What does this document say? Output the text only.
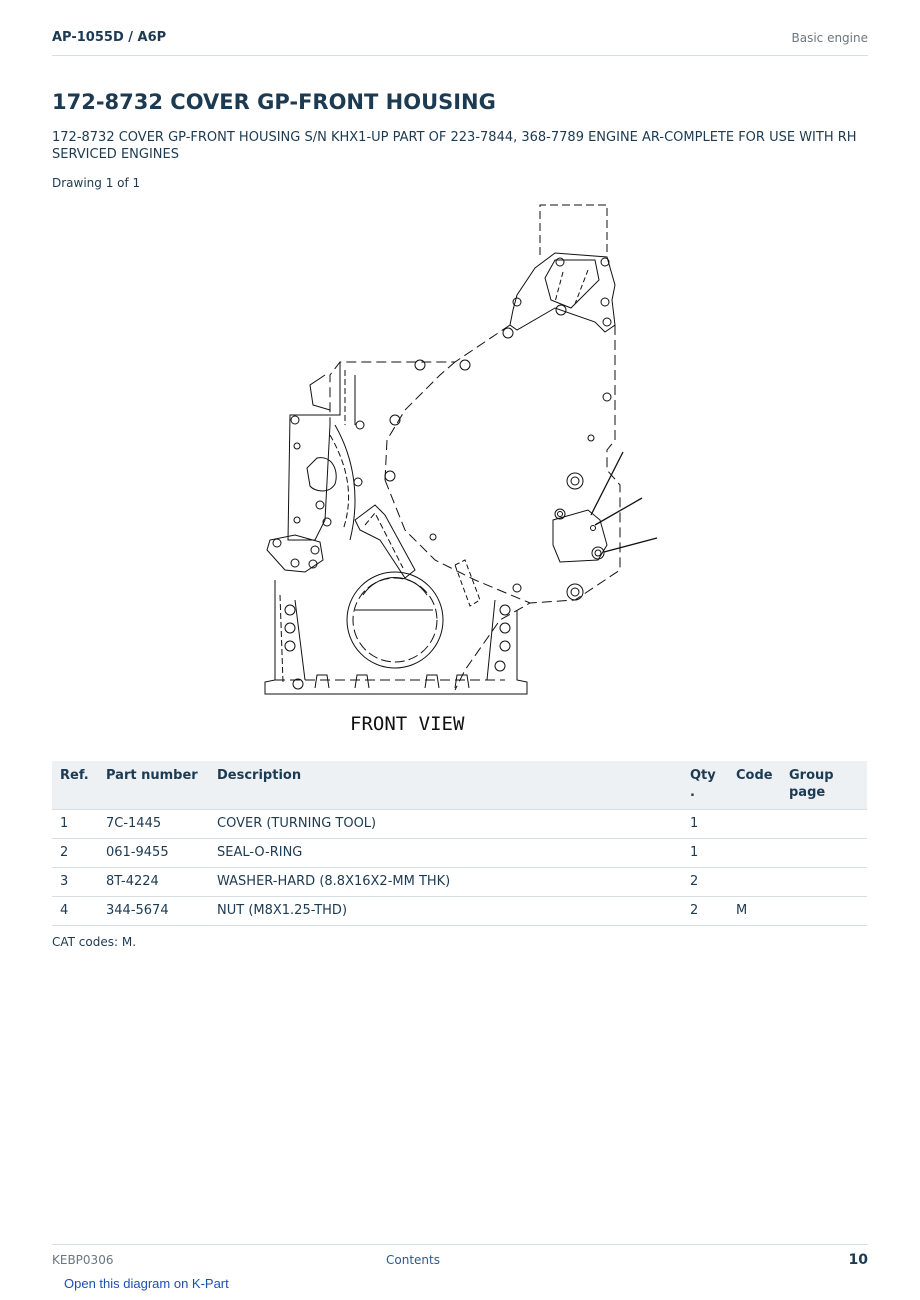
AP-1055D / A6P	Basic engine
172-8732 COVER GP-FRONT HOUSING

172-8732 COVER GP-FRONT HOUSING S/N KHX1-UP PART OF 223-7844, 368-7789 ENGINE AR-COMPLETE FOR USE WITH RH SERVICED ENGINES

Drawing 1 of 1
FRONT VIEW
Ref.	Part number	Description	Qty .	Code	Group page
1	7C-1445	COVER (TURNING TOOL)	1		
2	061-9455	SEAL-O-RING	1		
3	8T-4224	WASHER-HARD (8.8X16X2-MM THK)	2		
4	344-5674	NUT (M8X1.25-THD)	2	M	
CAT codes: M.
KEBP0306	Contents	10
Open this diagram on K-Part
